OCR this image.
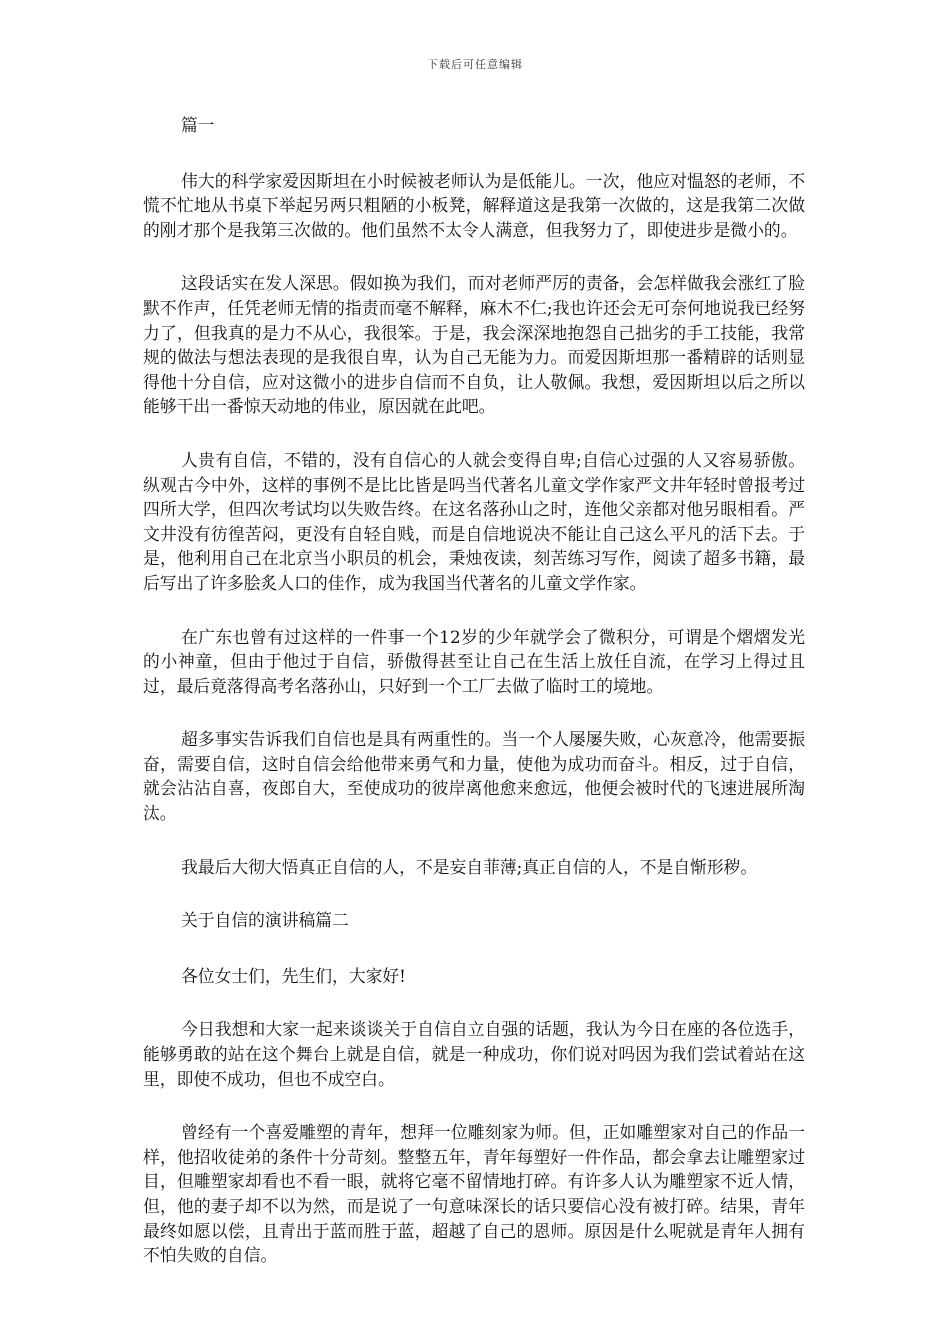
下载后可任意编辑

篇一

伟大的科学家爱因斯坦在小时候被老师认为是低能儿。一次，他应对愠怒的老师，不慌不忙地从书桌下举起另两只粗陋的小板凳，解释道这是我第一次做的，这是我第二次做的刚才那个是我第三次做的。他们虽然不太令人满意，但我努力了，即使进步是微小的。

这段话实在发人深思。假如换为我们，而对老师严厉的责备，会怎样做我会涨红了脸默不作声，任凭老师无情的指责而毫不解释，麻木不仁;我也许还会无可奈何地说我已经努力了，但我真的是力不从心，我很笨。于是，我会深深地抱怨自己拙劣的手工技能，我常规的做法与想法表现的是我很自卑，认为自己无能为力。而爱因斯坦那一番精辟的话则显得他十分自信，应对这微小的进步自信而不自负，让人敬佩。我想，爱因斯坦以后之所以能够干出一番惊天动地的伟业，原因就在此吧。

人贵有自信，不错的，没有自信心的人就会变得自卑;自信心过强的人又容易骄傲。纵观古今中外，这样的事例不是比比皆是吗当代著名儿童文学作家严文井年轻时曾报考过四所大学，但四次考试均以失败告终。在这名落孙山之时，连他父亲都对他另眼相看。严文井没有彷徨苦闷，更没有自轻自贱，而是自信地说决不能让自己这么平凡的活下去。于是，他利用自己在北京当小职员的机会，秉烛夜读，刻苦练习写作，阅读了超多书籍，最后写出了许多脍炙人口的佳作，成为我国当代著名的儿童文学作家。

在广东也曾有过这样的一件事一个12岁的少年就学会了微积分，可谓是个熠熠发光的小神童，但由于他过于自信，骄傲得甚至让自己在生活上放任自流，在学习上得过且过，最后竟落得高考名落孙山，只好到一个工厂去做了临时工的境地。

超多事实告诉我们自信也是具有两重性的。当一个人屡屡失败，心灰意冷，他需要振奋，需要自信，这时自信会给他带来勇气和力量，使他为成功而奋斗。相反，过于自信，就会沾沾自喜，夜郎自大，至使成功的彼岸离他愈来愈远，他便会被时代的飞速进展所淘汰。

我最后大彻大悟真正自信的人，不是妄自菲薄;真正自信的人，不是自惭形秽。

关于自信的演讲稿篇二

各位女士们，先生们，大家好!

今日我想和大家一起来谈谈关于自信自立自强的话题，我认为今日在座的各位选手，能够勇敢的站在这个舞台上就是自信，就是一种成功，你们说对吗因为我们尝试着站在这里，即使不成功，但也不成空白。

曾经有一个喜爱雕塑的青年，想拜一位雕刻家为师。但，正如雕塑家对自己的作品一样，他招收徒弟的条件十分苛刻。整整五年，青年每塑好一件作品，都会拿去让雕塑家过目，但雕塑家却看也不看一眼，就将它毫不留情地打碎。有许多人认为雕塑家不近人情，但，他的妻子却不以为然，而是说了一句意味深长的话只要信心没有被打碎。结果，青年最终如愿以偿，且青出于蓝而胜于蓝，超越了自己的恩师。原因是什么呢就是青年人拥有不怕失败的自信。
